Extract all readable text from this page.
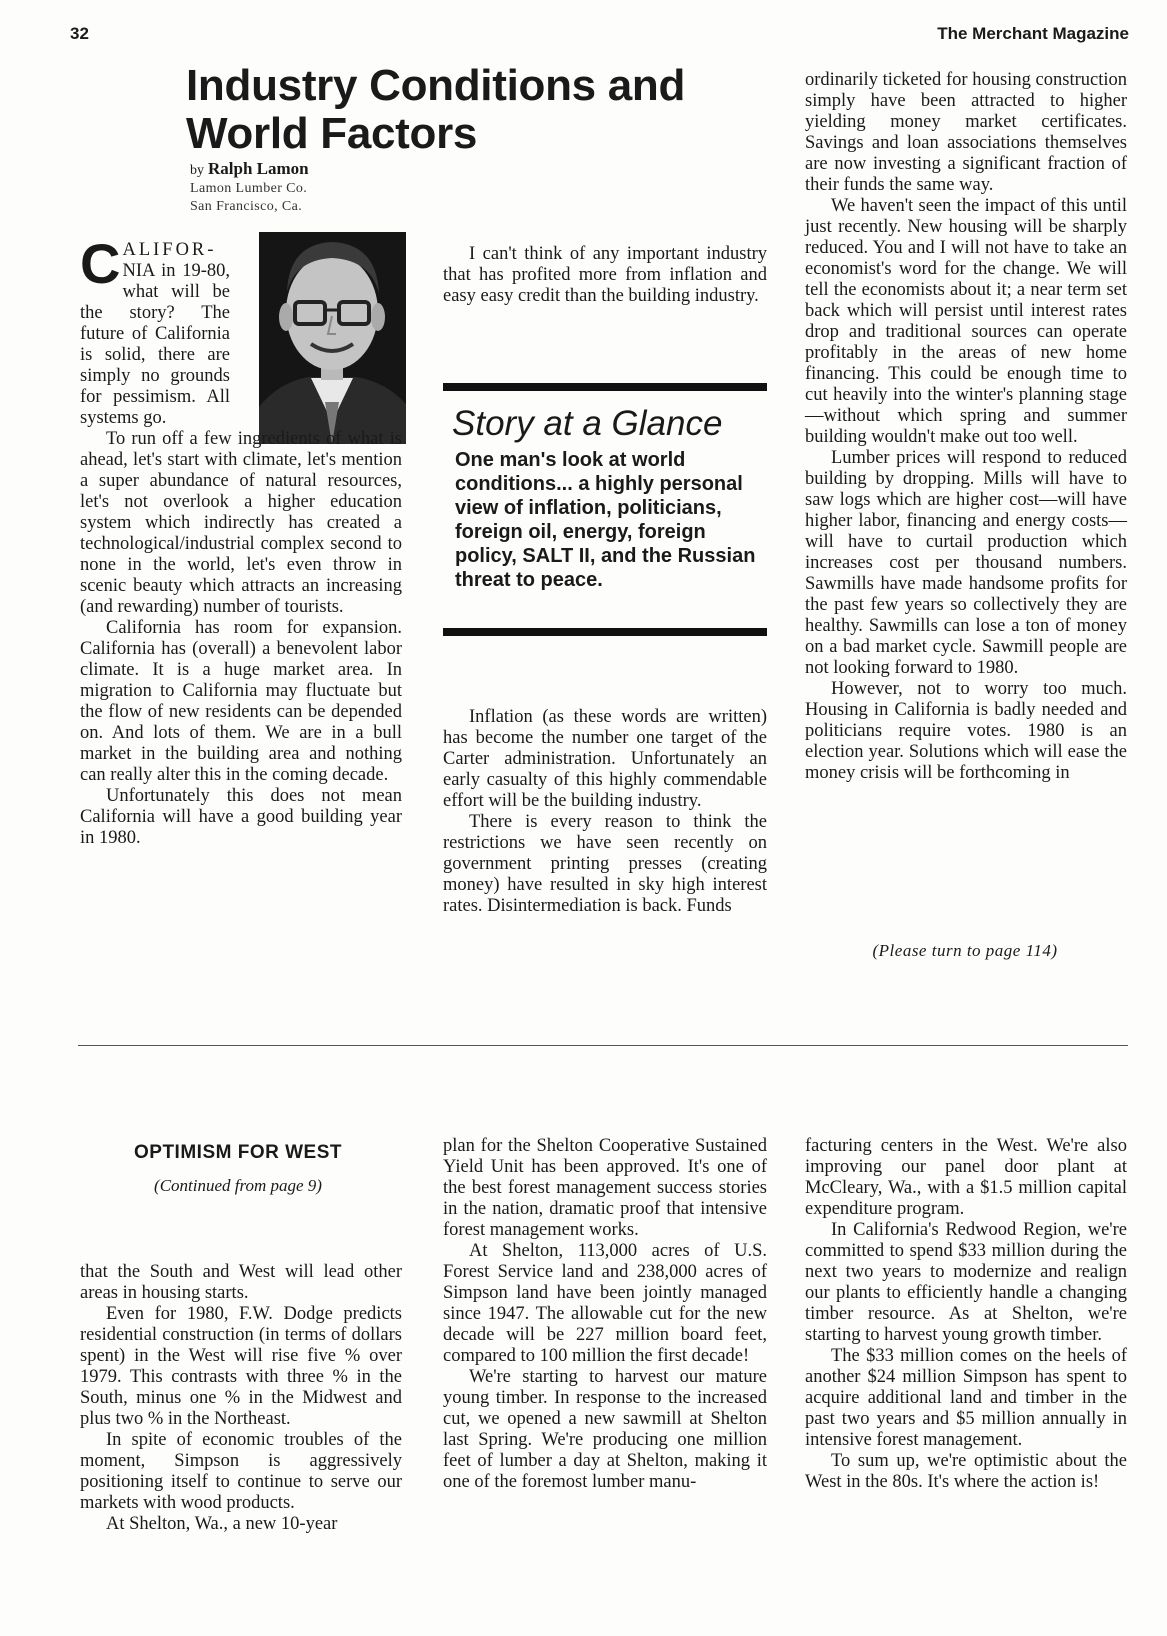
32	The Merchant Magazine
Industry Conditions and World Factors
by Ralph Lamon
Lamon Lumber Co.
San Francisco, Ca.

CALIFOR- NIA in 19-80, what will be the story? The future of California is solid, there are simply no grounds for pessimism. All systems go.

To run off a few ingredients of what is ahead, let's start with climate, let's mention a super abundance of natural resources, let's not overlook a higher education system which indirectly has created a technological/industrial complex second to none in the world, let's even throw in scenic beauty which attracts an increasing (and rewarding) number of tourists.

California has room for expansion. California has (overall) a benevolent labor climate. It is a huge market area. In migration to California may fluctuate but the flow of new residents can be depended on. And lots of them. We are in a bull market in the building area and nothing can really alter this in the coming decade.

Unfortunately this does not mean California will have a good building year in 1980.

I can't think of any important industry that has profited more from inflation and easy easy credit than the building industry.

Story at a Glance

One man's look at world conditions... a highly personal view of inflation, politicians, foreign oil, energy, foreign policy, SALT II, and the Russian threat to peace.

Inflation (as these words are written) has become the number one target of the Carter administration. Unfortunately an early casualty of this highly commendable effort will be the building industry.

There is every reason to think the restrictions we have seen recently on government printing presses (creating money) have resulted in sky high interest rates. Disintermediation is back. Funds

ordinarily ticketed for housing construction simply have been attracted to higher yielding money market certificates. Savings and loan associations themselves are now investing a significant fraction of their funds the same way.

We haven't seen the impact of this until just recently. New housing will be sharply reduced. You and I will not have to take an economist's word for the change. We will tell the economists about it; a near term set back which will persist until interest rates drop and traditional sources can operate profitably in the areas of new home financing. This could be enough time to cut heavily into the winter's planning stage—without which spring and summer building wouldn't make out too well.

Lumber prices will respond to reduced building by dropping. Mills will have to saw logs which are higher cost—will have higher labor, financing and energy costs—will have to curtail production which increases cost per thousand numbers. Sawmills have made handsome profits for the past few years so collectively they are healthy. Sawmills can lose a ton of money on a bad market cycle. Sawmill people are not looking forward to 1980.

However, not to worry too much. Housing in California is badly needed and politicians require votes. 1980 is an election year. Solutions which will ease the money crisis will be forthcoming in

(Please turn to page 114)
OPTIMISM FOR WEST
(Continued from page 9)

that the South and West will lead other areas in housing starts.

Even for 1980, F.W. Dodge predicts residential construction (in terms of dollars spent) in the West will rise five % over 1979. This contrasts with three % in the South, minus one % in the Midwest and plus two % in the Northeast.

In spite of economic troubles of the moment, Simpson is aggressively positioning itself to continue to serve our markets with wood products.

At Shelton, Wa., a new 10-year

plan for the Shelton Cooperative Sustained Yield Unit has been approved. It's one of the best forest management success stories in the nation, dramatic proof that intensive forest management works.

At Shelton, 113,000 acres of U.S. Forest Service land and 238,000 acres of Simpson land have been jointly managed since 1947. The allowable cut for the new decade will be 227 million board feet, compared to 100 million the first decade!

We're starting to harvest our mature young timber. In response to the increased cut, we opened a new sawmill at Shelton last Spring. We're producing one million feet of lumber a day at Shelton, making it one of the foremost lumber manu-

facturing centers in the West. We're also improving our panel door plant at McCleary, Wa., with a $1.5 million capital expenditure program.

In California's Redwood Region, we're committed to spend $33 million during the next two years to modernize and realign our plants to efficiently handle a changing timber resource. As at Shelton, we're starting to harvest young growth timber.

The $33 million comes on the heels of another $24 million Simpson has spent to acquire additional land and timber in the past two years and $5 million annually in intensive forest management.

To sum up, we're optimistic about the West in the 80s. It's where the action is!
